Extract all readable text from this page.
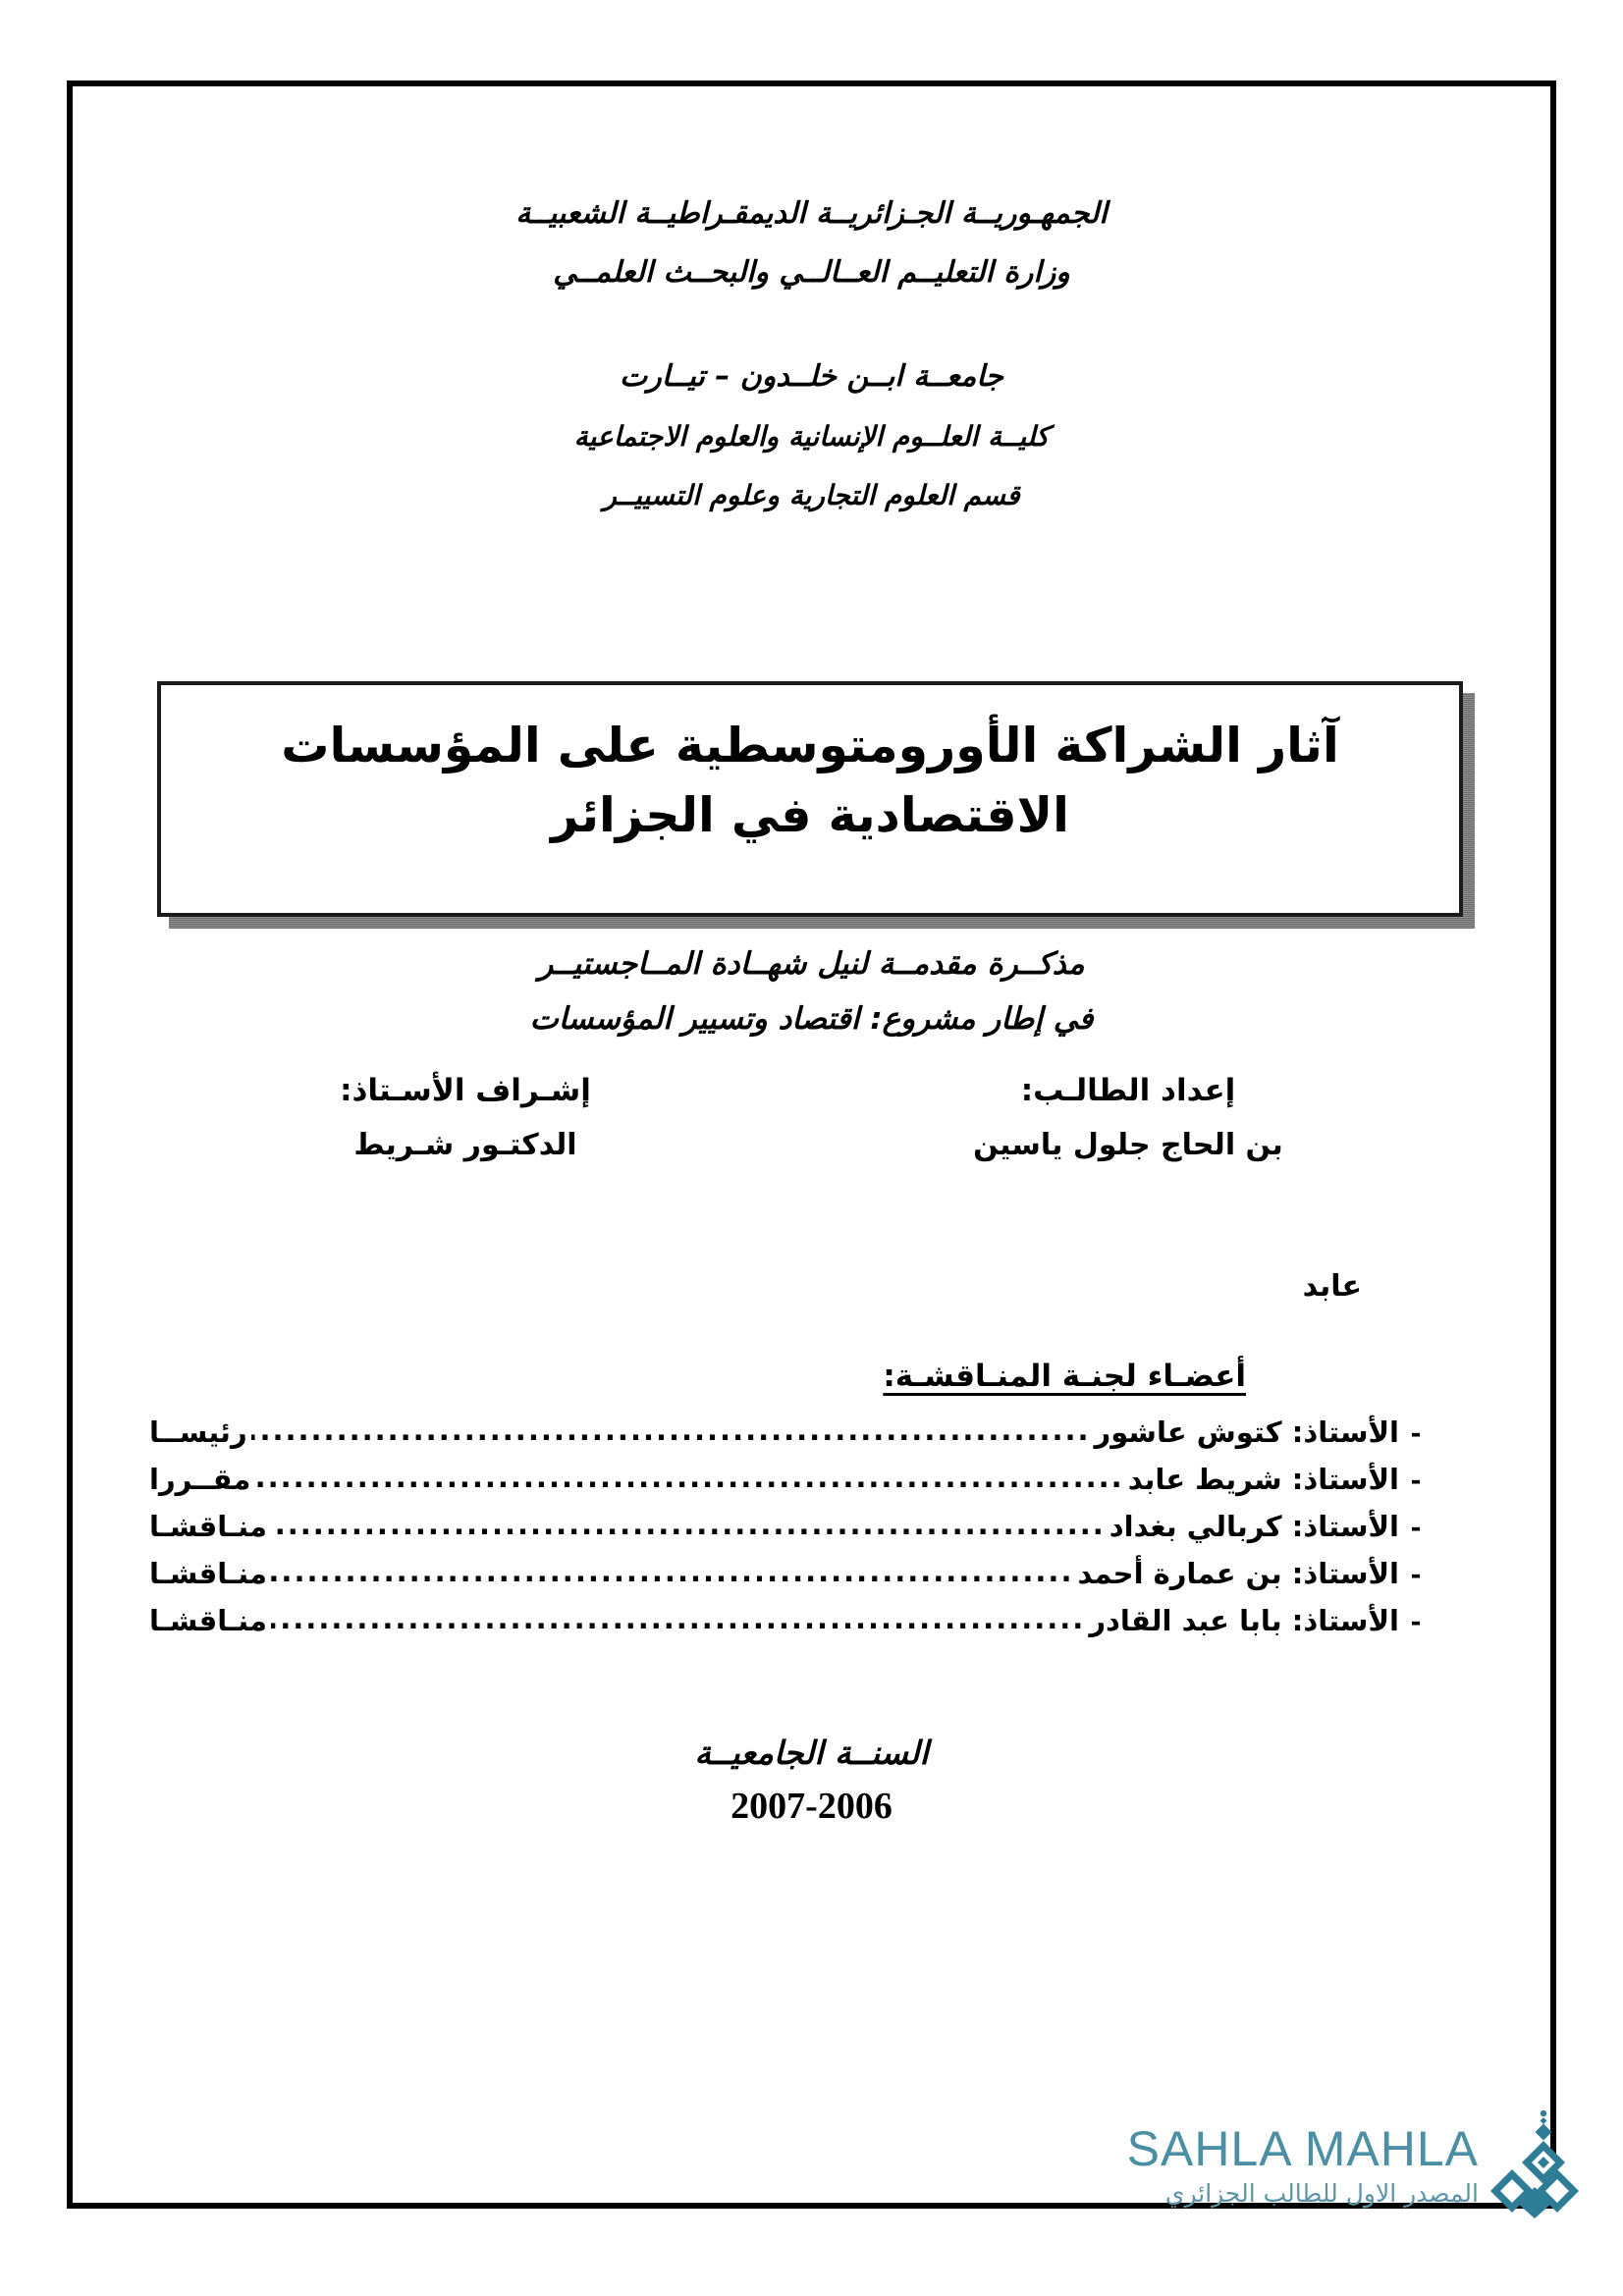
الجمهـوريــة الجـزائريــة الديمقـراطيــة الشعبيــة
وزارة التعليــم العــالــي والبحــث العلمــي
جامعــة ابــن خلــدون – تيــارت
كليــة العلــوم الإنسانية والعلوم الاجتماعية
قسم العلوم التجارية وعلوم التسييــر
آثار الشراكة الأورومتوسطية على المؤسسات الاقتصادية في الجزائر
مذكــرة مقدمــة لنيل شهــادة المــاجستيــر
في إطار مشروع: اقتصاد وتسيير المؤسسات
إعداد الطالـب:
بن الحاج جلول ياسين
إشـراف الأسـتاذ:
الدكتـور شـريط
عابد
أعضـاء لجنـة المنـاقشـة:
-
الأستاذ: كتوش عاشور
.....
رئيســا
-
الأستاذ: شريط عابد
.....
مقــررا
-
الأستاذ: كربالي بغداد
.....
منـاقشـا
-
الأستاذ: بن عمارة أحمد
.....
منـاقشـا
-
الأستاذ: بابا عبد القادر
.....
منـاقشـا
السنــة الجامعيــة
2007-2006
SAHLA MAHLA
المصدر الاول للطالب الجزائري
